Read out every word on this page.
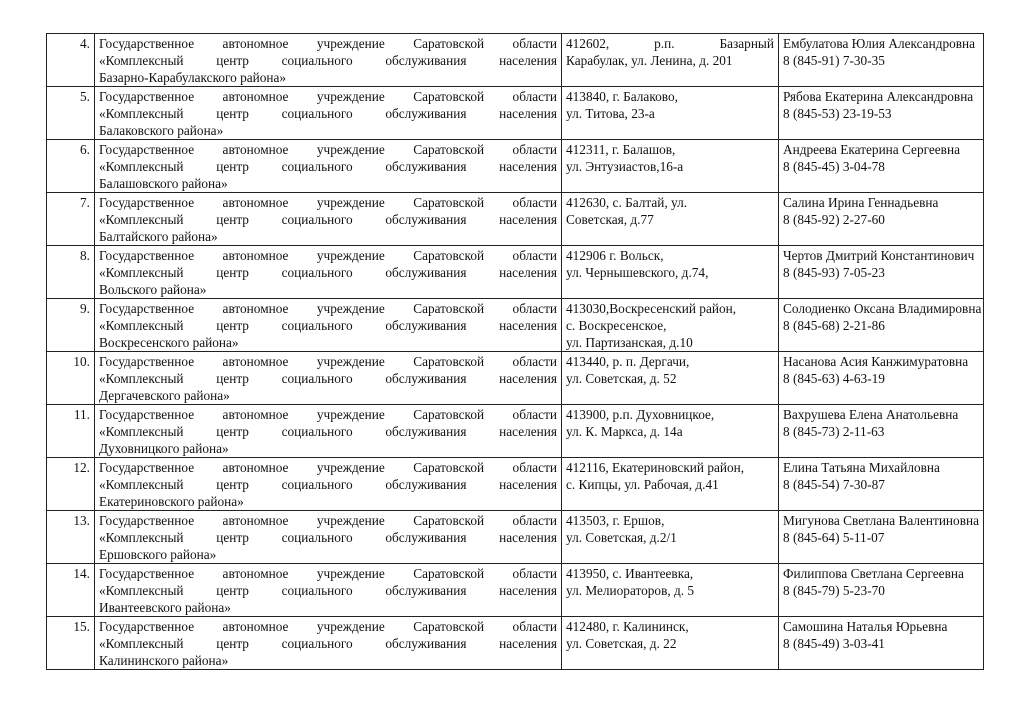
4.	Государственное автономное учреждение Саратовской области
«Комплексный центр социального обслуживания населения
Базарно-Карабулакского района»	412602, р.п. Базарный
Карабулак, ул. Ленина, д. 201	Ембулатова Юлия Александровна
8 (845-91) 7-30-35

5.	Государственное автономное учреждение Саратовской области
«Комплексный центр социального обслуживания населения
Балаковского района»	413840, г. Балаково,
ул. Титова, 23-а	Рябова Екатерина Александровна
8 (845-53) 23-19-53

6.	Государственное автономное учреждение Саратовской области
«Комплексный центр социального обслуживания населения
Балашовского района»	412311, г. Балашов,
ул. Энтузиастов,16-а	Андреева Екатерина Сергеевна
8 (845-45) 3-04-78

7.	Государственное автономное учреждение Саратовской области
«Комплексный центр социального обслуживания населения
Балтайского района»	412630, с. Балтай, ул.
Советская, д.77	Салина Ирина Геннадьевна
8 (845-92) 2-27-60

8.	Государственное автономное учреждение Саратовской области
«Комплексный центр социального обслуживания населения
Вольского района»	412906 г. Вольск,
ул. Чернышевского, д.74,	Чертов Дмитрий Константинович
8 (845-93) 7-05-23

9.	Государственное автономное учреждение Саратовской области
«Комплексный центр социального обслуживания населения
Воскресенского района»	413030,Воскресенский район,
с. Воскресенское,
ул. Партизанская, д.10	Солодиенко Оксана Владимировна
8 (845-68) 2-21-86

10.	Государственное автономное учреждение Саратовской области
«Комплексный центр социального обслуживания населения
Дергачевского района»	413440, р. п. Дергачи,
ул. Советская, д. 52	Насанова Асия Канжимуратовна
8 (845-63) 4-63-19

11.	Государственное автономное учреждение Саратовской области
«Комплексный центр социального обслуживания населения
Духовницкого района»	413900, р.п. Духовницкое,
ул. К. Маркса, д. 14а	Вахрушева Елена Анатольевна
8 (845-73) 2-11-63

12.	Государственное автономное учреждение Саратовской области
«Комплексный центр социального обслуживания населения
Екатериновского района»	412116, Екатериновский район,
с. Кипцы, ул. Рабочая, д.41	Елина Татьяна Михайловна
8 (845-54) 7-30-87

13.	Государственное автономное учреждение Саратовской области
«Комплексный центр социального обслуживания населения
Ершовского района»	413503, г. Ершов,
ул. Советская, д.2/1	Мигунова Светлана Валентиновна
8 (845-64) 5-11-07

14.	Государственное автономное учреждение Саратовской области
«Комплексный центр социального обслуживания населения
Ивантеевского района»	413950, с. Ивантеевка,
ул. Мелиораторов, д. 5	Филиппова Светлана Сергеевна
8 (845-79) 5-23-70

15.	Государственное автономное учреждение Саратовской области
«Комплексный центр социального обслуживания населения
Калининского района»	412480, г. Калининск,
ул. Советская, д. 22	Самошина Наталья Юрьевна
8 (845-49) 3-03-41
